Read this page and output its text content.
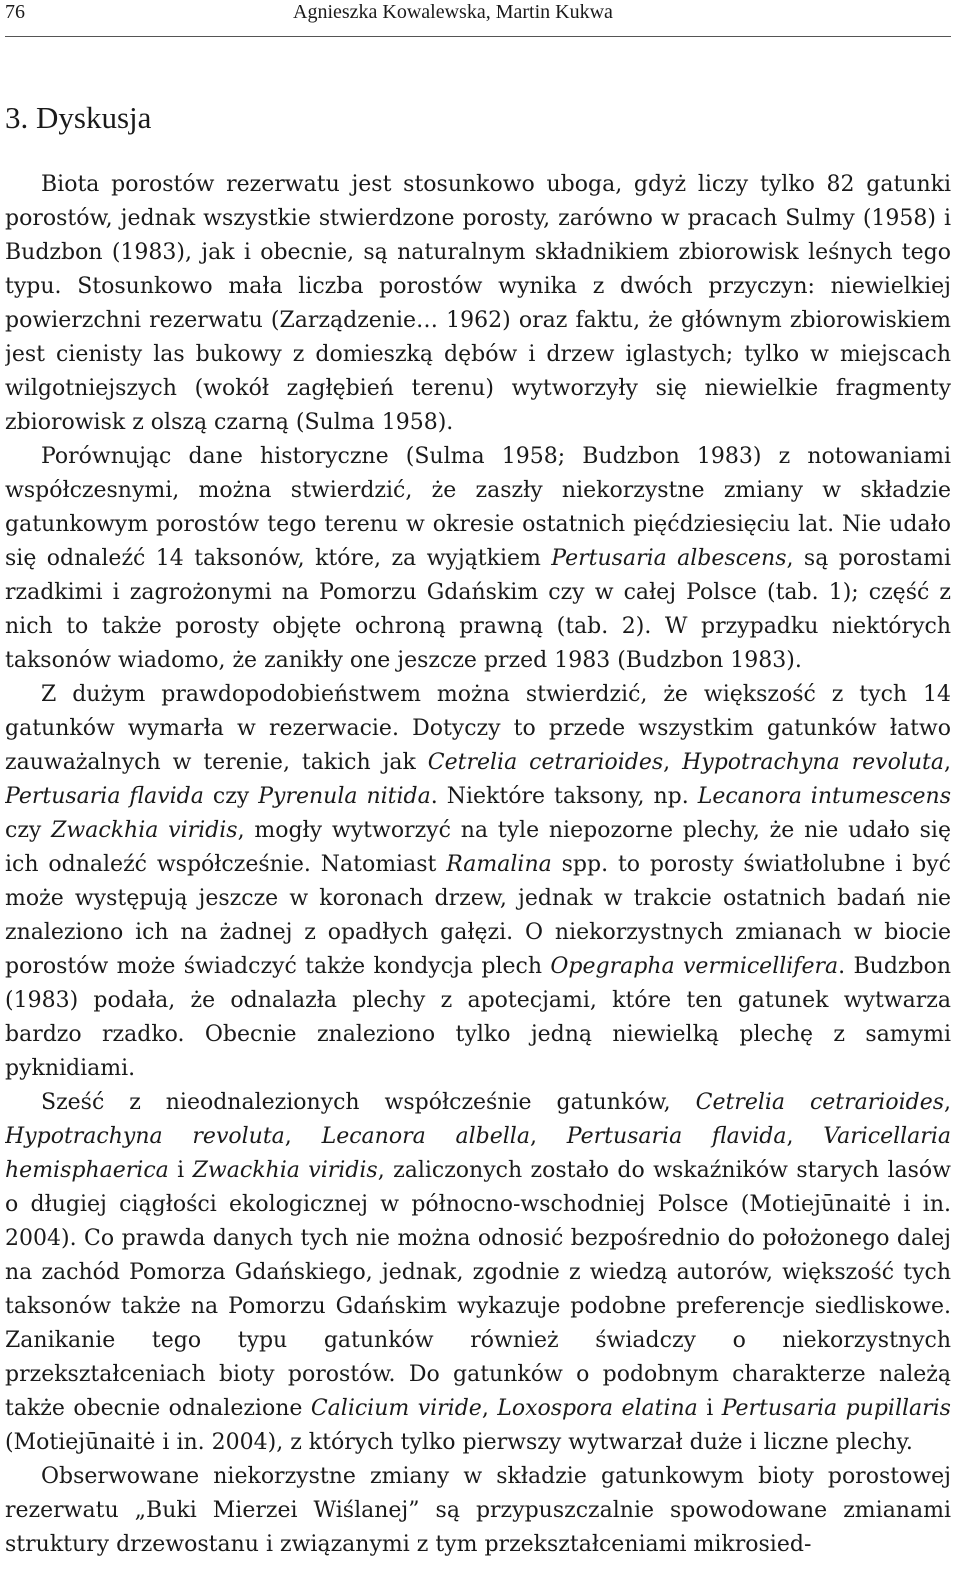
76	Agnieszka Kowalewska, Martin Kukwa
3. Dyskusja

Biota porostów rezerwatu jest stosunkowo uboga, gdyż liczy tylko 82 gatunki porostów, jednak wszystkie stwierdzone porosty, zarówno w pracach Sulmy (1958) i Budzbon (1983), jak i obecnie, są naturalnym składnikiem zbiorowisk leśnych tego typu. Stosunkowo mała liczba porostów wynika z dwóch przyczyn: niewielkiej powierzchni rezerwatu (Zarządzenie… 1962) oraz faktu, że głównym zbiorowiskiem jest cienisty las bukowy z domieszką dębów i drzew iglastych; tylko w miejscach wilgotniejszych (wokół zagłębień terenu) wytworzyły się niewielkie fragmenty zbiorowisk z olszą czarną (Sulma 1958).

Porównując dane historyczne (Sulma 1958; Budzbon 1983) z notowaniami współczesnymi, można stwierdzić, że zaszły niekorzystne zmiany w składzie gatunkowym porostów tego terenu w okresie ostatnich pięćdziesięciu lat. Nie udało się odnaleźć 14 taksonów, które, za wyjątkiem Pertusaria albescens, są porostami rzadkimi i zagrożonymi na Pomorzu Gdańskim czy w całej Polsce (tab. 1); część z nich to także porosty objęte ochroną prawną (tab. 2). W przypadku niektórych taksonów wiadomo, że zanikły one jeszcze przed 1983 (Budzbon 1983).

Z dużym prawdopodobieństwem można stwierdzić, że większość z tych 14 gatunków wymarła w rezerwacie. Dotyczy to przede wszystkim gatunków łatwo zauważalnych w terenie, takich jak Cetrelia cetrarioides, Hypotrachyna revoluta, Pertusaria flavida czy Pyrenula nitida. Niektóre taksony, np. Lecanora intumescens czy Zwackhia viridis, mogły wytworzyć na tyle niepozorne plechy, że nie udało się ich odnaleźć współcześnie. Natomiast Ramalina spp. to porosty światłolubne i być może występują jeszcze w koronach drzew, jednak w trakcie ostatnich badań nie znaleziono ich na żadnej z opadłych gałęzi. O niekorzystnych zmianach w biocie porostów może świadczyć także kondycja plech Opegrapha vermicellifera. Budzbon (1983) podała, że odnalazła plechy z apotecjami, które ten gatunek wytwarza bardzo rzadko. Obecnie znaleziono tylko jedną niewielką plechę z samymi pyknidiami.

Sześć z nieodnalezionych współcześnie gatunków, Cetrelia cetrarioides, Hypotrachyna revoluta, Lecanora albella, Pertusaria flavida, Varicellaria hemisphaerica i Zwackhia viridis, zaliczonych zostało do wskaźników starych lasów o długiej ciągłości ekologicznej w północno-wschodniej Polsce (Motiejūnaitė i in. 2004). Co prawda danych tych nie można odnosić bezpośrednio do położonego dalej na zachód Pomorza Gdańskiego, jednak, zgodnie z wiedzą autorów, większość tych taksonów także na Pomorzu Gdańskim wykazuje podobne preferencje siedliskowe. Zanikanie tego typu gatunków również świadczy o niekorzystnych przekształceniach bioty porostów. Do gatunków o podobnym charakterze należą także obecnie odnalezione Calicium viride, Loxospora elatina i Pertusaria pupillaris (Motiejūnaitė i in. 2004), z których tylko pierwszy wytwarzał duże i liczne plechy.

Obserwowane niekorzystne zmiany w składzie gatunkowym bioty porostowej rezerwatu „Buki Mierzei Wiślanej” są przypuszczalnie spowodowane zmianami struktury drzewostanu i związanymi z tym przekształceniami mikrosied-
